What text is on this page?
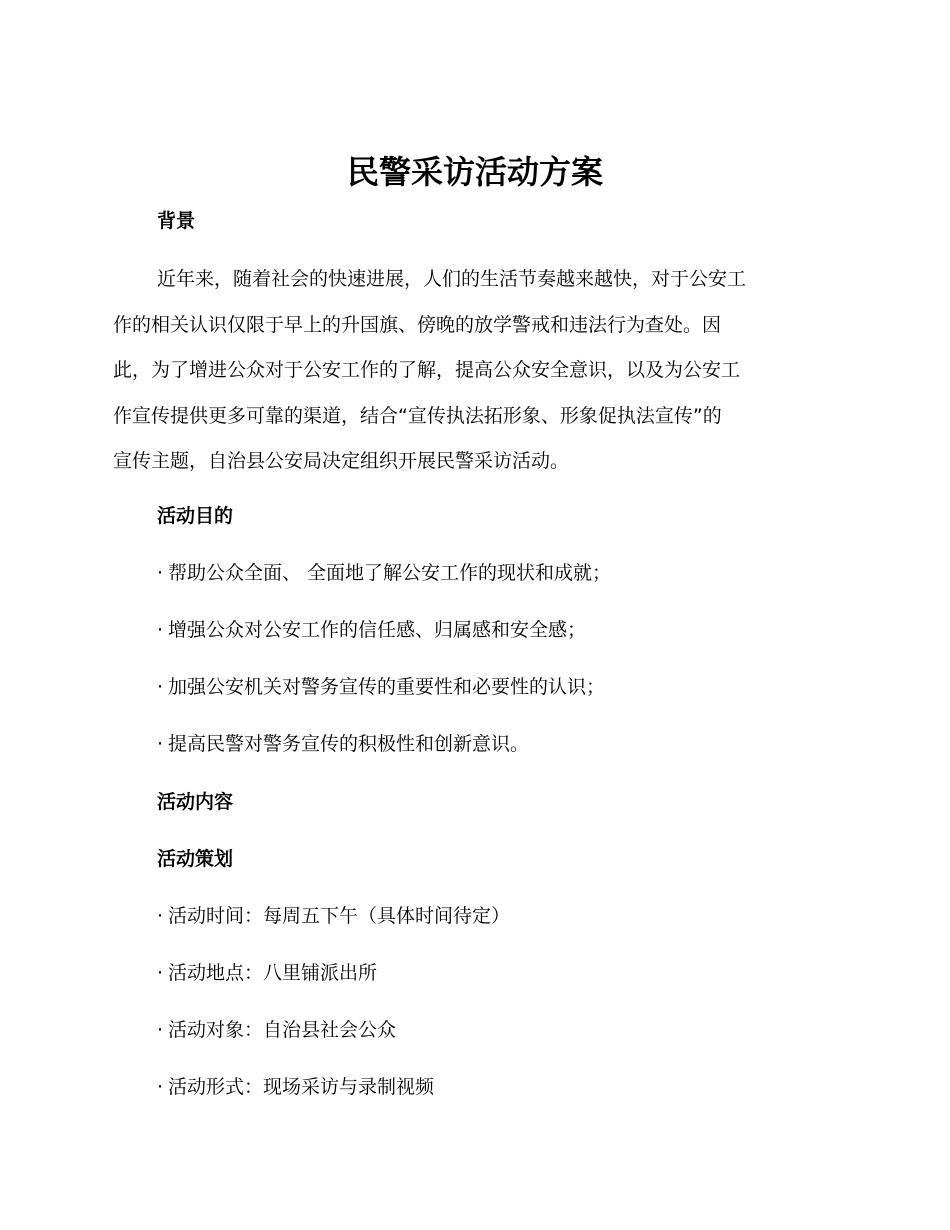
民警采访活动方案
背景
近年来，随着社会的快速进展，人们的生活节奏越来越快，对于公安工
作的相关认识仅限于早上的升国旗、傍晚的放学警戒和违法行为查处。因
此，为了增进公众对于公安工作的了解，提高公众安全意识，以及为公安工
作宣传提供更多可靠的渠道，结合“宣传执法拓形象、形象促执法宣传”的
宣传主题，自治县公安局决定组织开展民警采访活动。
活动目的
· 帮助公众全面、 全面地了解公安工作的现状和成就；
· 增强公众对公安工作的信任感、归属感和安全感；
· 加强公安机关对警务宣传的重要性和必要性的认识；
· 提高民警对警务宣传的积极性和创新意识。
活动内容
活动策划
· 活动时间：每周五下午（具体时间待定）
· 活动地点：八里铺派出所
· 活动对象：自治县社会公众
· 活动形式：现场采访与录制视频
